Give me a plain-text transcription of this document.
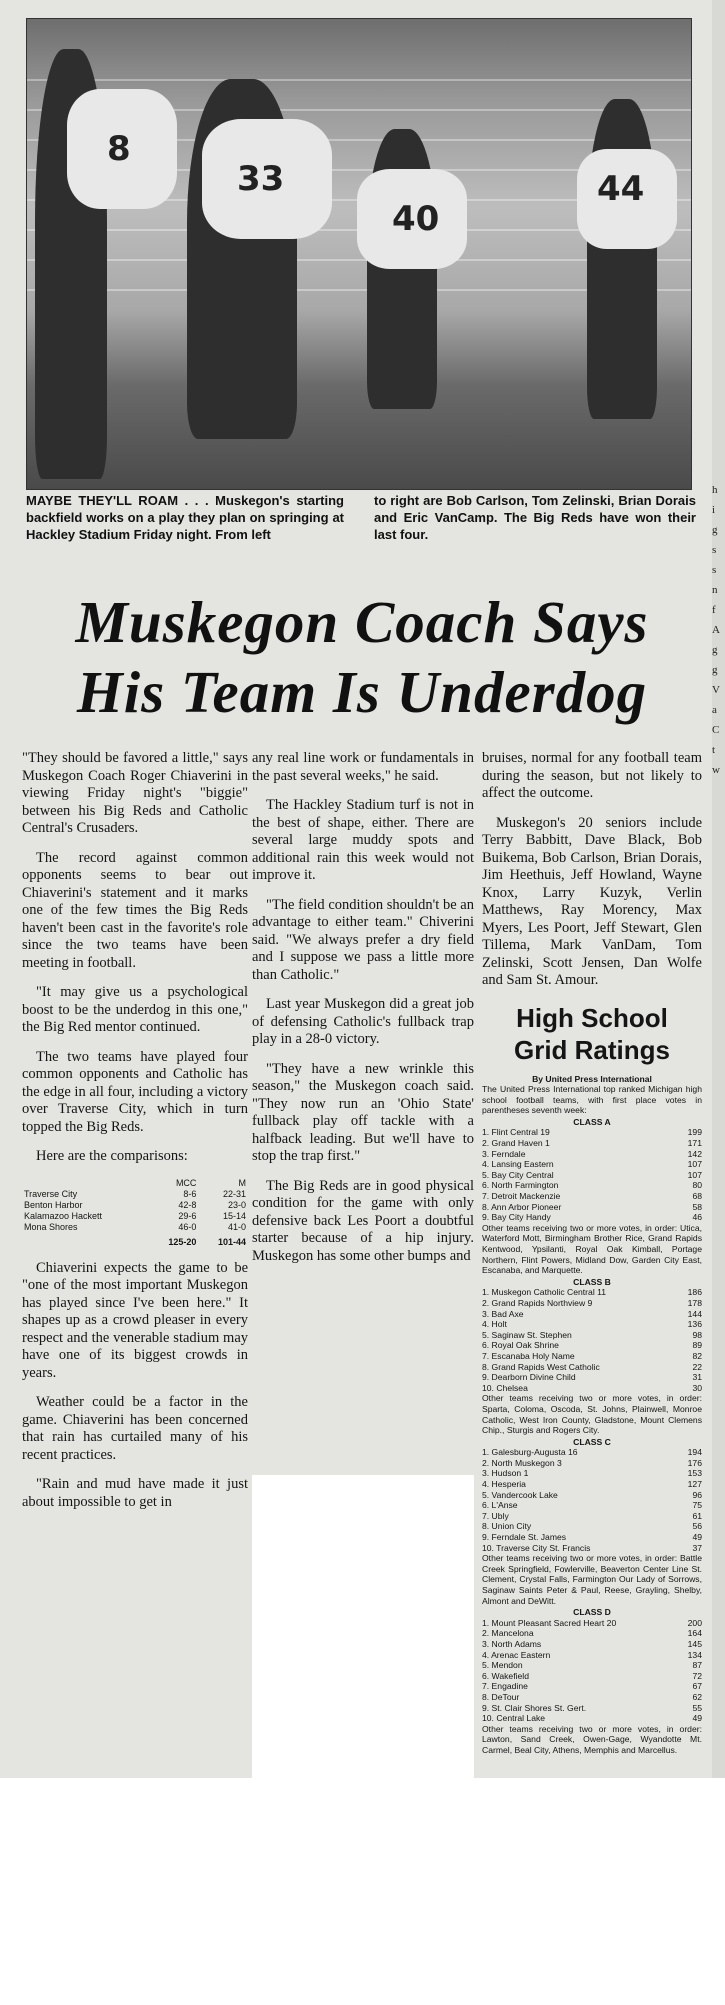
h
i
g
s
s
n
f
A
g
g
V
a
C
t
w
8
33
40
44
MAYBE THEY'LL ROAM . . . Muskegon's starting backfield works on a play they plan on springing at Hackley Stadium Friday night. From left
to right are Bob Carlson, Tom Zelinski, Brian Dorais and Eric VanCamp. The Big Reds have won their last four.
Muskegon Coach Says
His Team Is Underdog

"They should be favored a little," says Muskegon Coach Roger Chiaverini in viewing Friday night's "biggie" between his Big Reds and Catholic Central's Crusaders.

The record against common opponents seems to bear out Chiaverini's statement and it marks one of the few times the Big Reds haven't been cast in the favorite's role since the two teams have been meeting in football.

"It may give us a psychological boost to be the underdog in this one," the Big Red mentor continued.

The two teams have played four common opponents and Catholic has the edge in all four, including a victory over Traverse City, which in turn topped the Big Reds.

Here are the comparisons:

	MCC	M
Traverse City	8-6	22-31
Benton Harbor	42-8	23-0
Kalamazoo Hackett	29-6	15-14
Mona Shores	46-0	41-0
	125-20	101-44

Chiaverini expects the game to be "one of the most important Muskegon has played since I've been here." It shapes up as a crowd pleaser in every respect and the venerable stadium may have one of its biggest crowds in years.

Weather could be a factor in the game. Chiaverini has been concerned that rain has curtailed many of his recent practices.

"Rain and mud have made it just about impossible to get in

any real line work or fundamentals in the past several weeks," he said.

The Hackley Stadium turf is not in the best of shape, either. There are several large muddy spots and additional rain this week would not improve it.

"The field condition shouldn't be an advantage to either team." Chiverini said. "We always prefer a dry field and I suppose we pass a little more than Catholic."

Last year Muskegon did a great job of defensing Catholic's fullback trap play in a 28-0 victory.

"They have a new wrinkle this season," the Muskegon coach said. "They now run an 'Ohio State' fullback play off tackle with a halfback leading. But we'll have to stop the trap first."

The Big Reds are in good physical condition for the game with only defensive back Les Poort a doubtful starter because of a hip injury. Muskegon has some other bumps and

bruises, normal for any football team during the season, but not likely to affect the outcome.

Muskegon's 20 seniors include Terry Babbitt, Dave Black, Bob Buikema, Bob Carlson, Brian Dorais, Jim Heethuis, Jeff Howland, Wayne Knox, Larry Kuzyk, Verlin Matthews, Ray Morency, Max Myers, Les Poort, Jeff Stewart, Glen Tillema, Mark VanDam, Tom Zelinski, Scott Jensen, Dan Wolfe and Sam St. Amour.

High School
Grid Ratings
By United Press International
The United Press International top ranked Michigan high school football teams, with first place votes in parentheses seventh week:
CLASS A
1. Flint Central 19	199
2. Grand Haven 1	171
3. Ferndale	142
4. Lansing Eastern	107
5. Bay City Central	107
6. North Farmington	80
7. Detroit Mackenzie	68
8. Ann Arbor Pioneer	58
9. Bay City Handy	46
Other teams receiving two or more votes, in order: Utica, Waterford Mott, Birmingham Brother Rice, Grand Rapids Kentwood, Ypsilanti, Royal Oak Kimball, Portage Northern, Flint Powers, Midland Dow, Garden City East, Escanaba, and Marquette.
CLASS B
1. Muskegon Catholic Central 11	186
2. Grand Rapids Northview 9	178
3. Bad Axe	144
4. Holt	136
5. Saginaw St. Stephen	98
6. Royal Oak Shrine	89
7. Escanaba Holy Name	82
8. Grand Rapids West Catholic	22
9. Dearborn Divine Child	31
10. Chelsea	30
Other teams receiving two or more votes, in order: Sparta, Coloma, Oscoda, St. Johns, Plainwell, Monroe Catholic, West Iron County, Gladstone, Mount Clemens Chip., Sturgis and Rogers City.
CLASS C
1. Galesburg-Augusta 16	194
2. North Muskegon 3	176
3. Hudson 1	153
4. Hesperia	127
5. Vandercook Lake	96
6. L'Anse	75
7. Ubly	61
8. Union City	56
9. Ferndale St. James	49
10. Traverse City St. Francis	37
Other teams receiving two or more votes, in order: Battle Creek Springfield, Fowlerville, Beaverton Center Line St. Clement, Crystal Falls, Farmington Our Lady of Sorrows, Saginaw Saints Peter & Paul, Reese, Grayling, Shelby, Almont and DeWitt.
CLASS D
1. Mount Pleasant Sacred Heart 20	200
2. Mancelona	164
3. North Adams	145
4. Arenac Eastern	134
5. Mendon	87
6. Wakefield	72
7. Engadine	67
8. DeTour	62
9. St. Clair Shores St. Gert.	55
10. Central Lake	49
Other teams receiving two or more votes, in order: Lawton, Sand Creek, Owen-Gage, Wyandotte Mt. Carmel, Beal City, Athens, Memphis and Marcellus.
